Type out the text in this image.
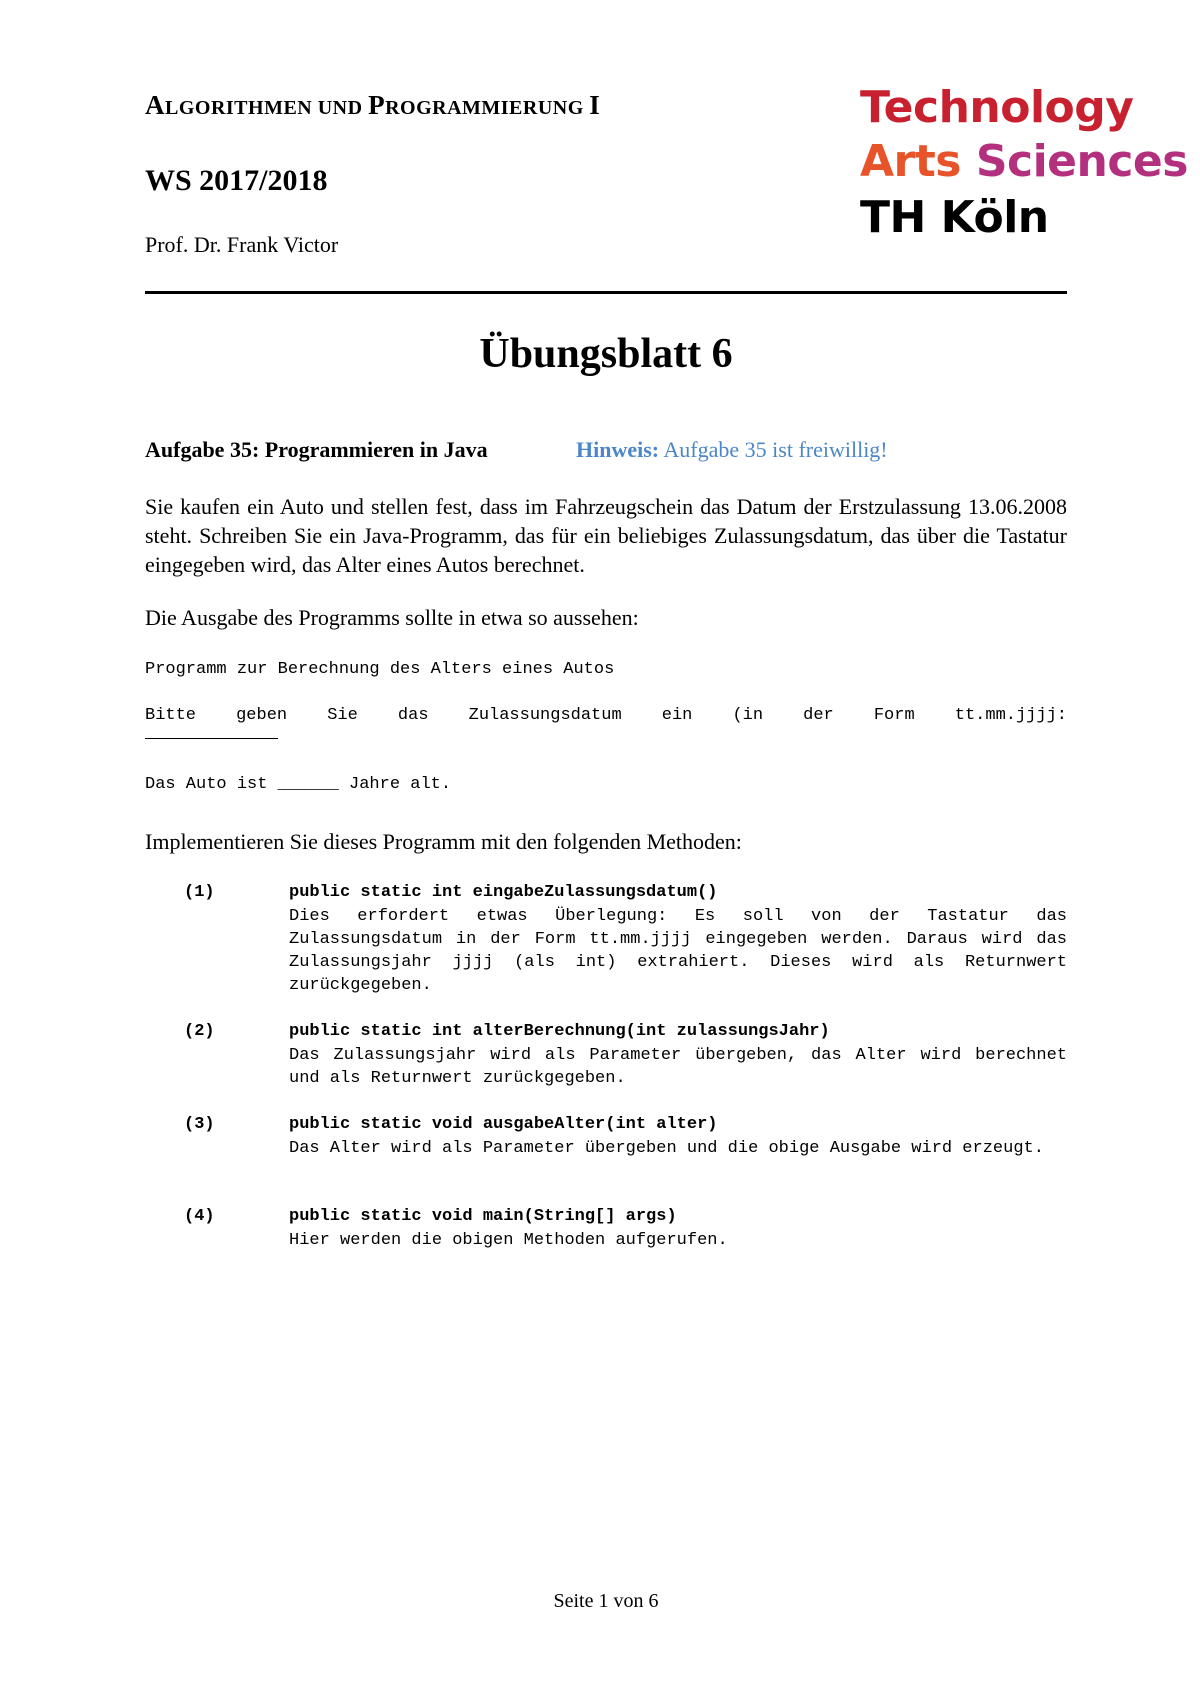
ALGORITHMEN UND PROGRAMMIERUNG I
WS 2017/2018
Prof. Dr. Frank Victor
Technology
Arts Sciences
TH Köln
Übungsblatt 6
Aufgabe 35: Programmieren in Java	Hinweis: Aufgabe 35 ist freiwillig!
Sie kaufen ein Auto und stellen fest, dass im Fahrzeugschein das Datum der Erstzulassung 13.06.2008 steht. Schreiben Sie ein Java-Programm, das für ein beliebiges Zulassungsdatum, das über die Tastatur eingegeben wird, das Alter eines Autos berechnet.
Die Ausgabe des Programms sollte in etwa so aussehen:
Programm zur Berechnung des Alters eines Autos
Bitte geben Sie das Zulassungsdatum ein (in der Form tt.mm.jjjj:
Das Auto ist ______ Jahre alt.
Implementieren Sie dieses Programm mit den folgenden Methoden:
(1)	public static int eingabeZulassungsdatum()
Dies erfordert etwas Überlegung: Es soll von der Tastatur das Zulassungsdatum in der Form tt.mm.jjjj eingegeben werden. Daraus wird das Zulassungsjahr jjjj (als int) extrahiert. Dieses wird als Returnwert zurückgegeben.
(2)	public static int alterBerechnung(int zulassungsJahr)
Das Zulassungsjahr wird als Parameter übergeben, das Alter wird berechnet und als Returnwert zurückgegeben.
(3)	public static void ausgabeAlter(int alter)
Das Alter wird als Parameter übergeben und die obige Ausgabe wird erzeugt.
(4)	public static void main(String[] args)
Hier werden die obigen Methoden aufgerufen.
Seite 1 von 6
